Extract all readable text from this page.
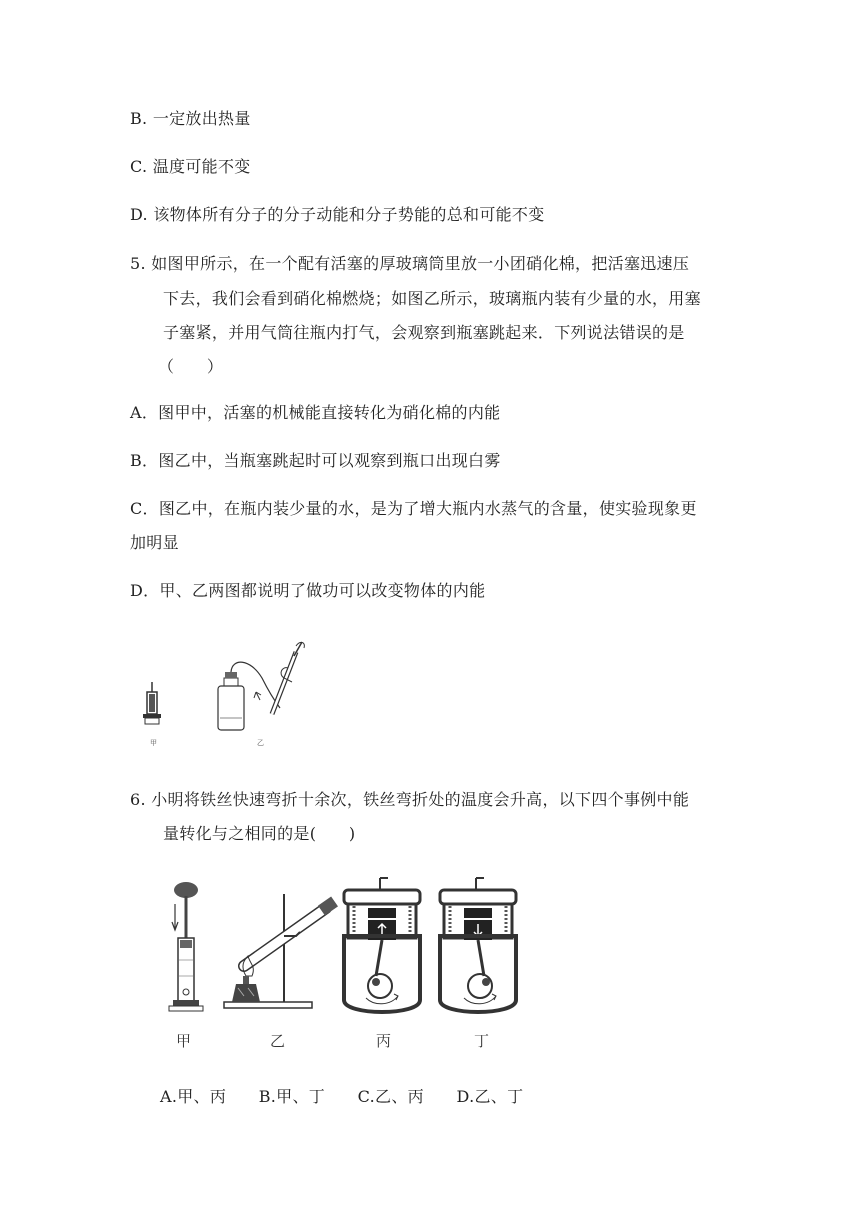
B. 一定放出热量
C. 温度可能不变
D. 该物体所有分子的分子动能和分子势能的总和可能不变
5. 如图甲所示，在一个配有活塞的厚玻璃筒里放一小团硝化棉，把活塞迅速压
下去，我们会看到硝化棉燃烧；如图乙所示，玻璃瓶内装有少量的水，用塞
子塞紧，并用气筒往瓶内打气，会观察到瓶塞跳起来．下列说法错误的是
（　　）
A．图甲中，活塞的机械能直接转化为硝化棉的内能
B．图乙中，当瓶塞跳起时可以观察到瓶口出现白雾
C．图乙中，在瓶内装少量的水，是为了增大瓶内水蒸气的含量，使实验现象更
加明显
D．甲、乙两图都说明了做功可以改变物体的内能
甲	乙
6. 小明将铁丝快速弯折十余次，铁丝弯折处的温度会升高，以下四个事例中能
量转化与之相同的是(　　)
甲	乙	丙	丁
A.甲、丙　　B.甲、丁　　C.乙、丙　　D.乙、丁
